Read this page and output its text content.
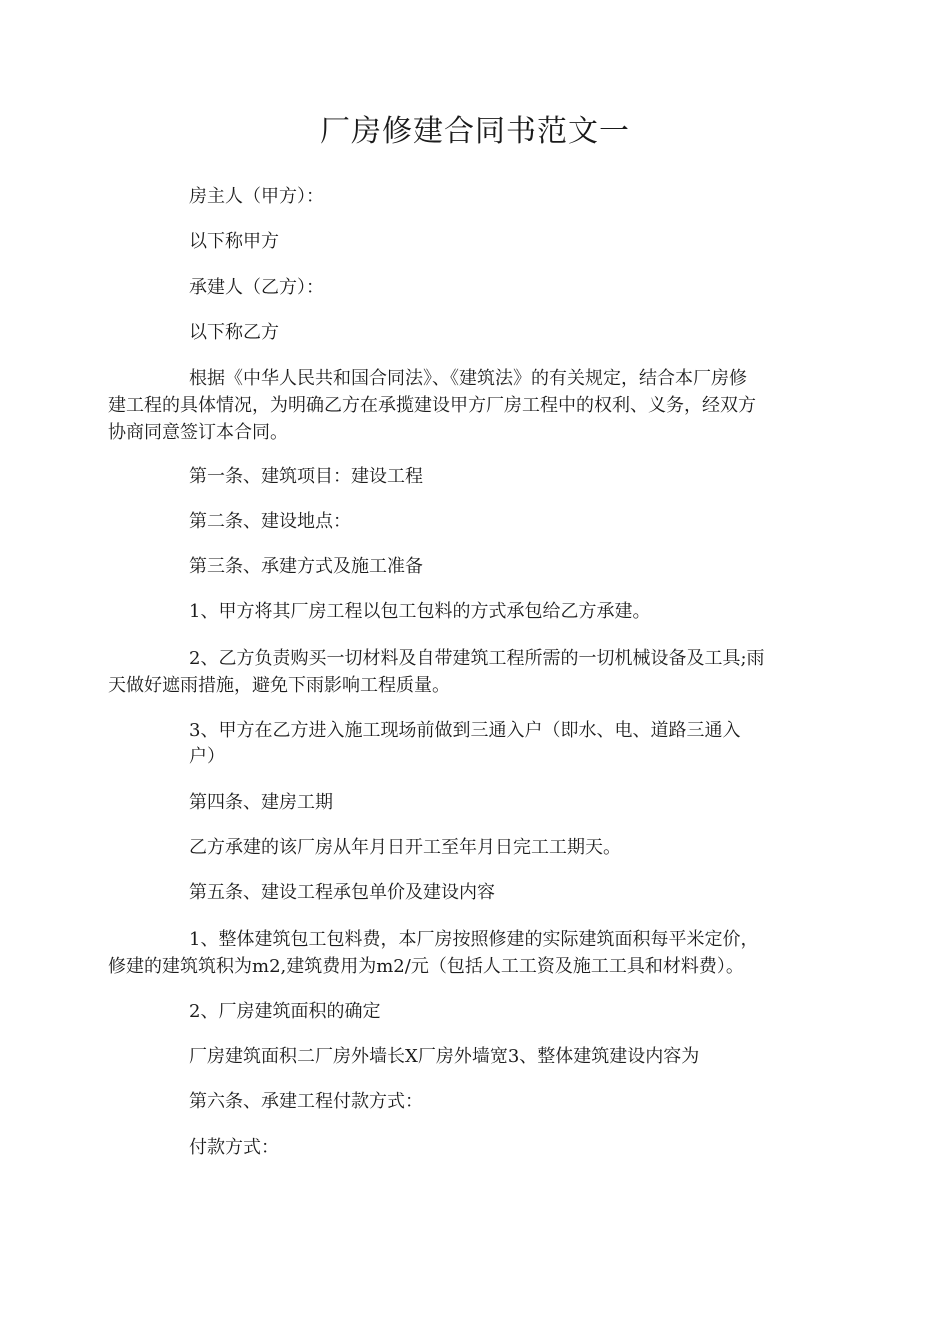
厂房修建合同书范文一
房主人（甲方）：
以下称甲方
承建人（乙方）：
以下称乙方
根据《中华人民共和国合同法》、《建筑法》的有关规定，结合本厂房修
建工程的具体情况，为明确乙方在承揽建设甲方厂房工程中的权利、义务，经双方
协商同意签订本合同。
第一条、建筑项目：建设工程
第二条、建设地点：
第三条、承建方式及施工准备
1、甲方将其厂房工程以包工包料的方式承包给乙方承建。
2、乙方负责购买一切材料及自带建筑工程所需的一切机械设备及工具;雨
天做好遮雨措施，避免下雨影响工程质量。
3、甲方在乙方进入施工现场前做到三通入户（即水、电、道路三通入
户）
第四条、建房工期
乙方承建的该厂房从年月日开工至年月日完工工期天。
第五条、建设工程承包单价及建设内容
1、整体建筑包工包料费，本厂房按照修建的实际建筑面积每平米定价，
修建的建筑筑积为m2,建筑费用为m2/元（包括人工工资及施工工具和材料费）。
2、厂房建筑面积的确定
厂房建筑面积二厂房外墙长X厂房外墙宽3、整体建筑建设内容为
第六条、承建工程付款方式：
付款方式：
